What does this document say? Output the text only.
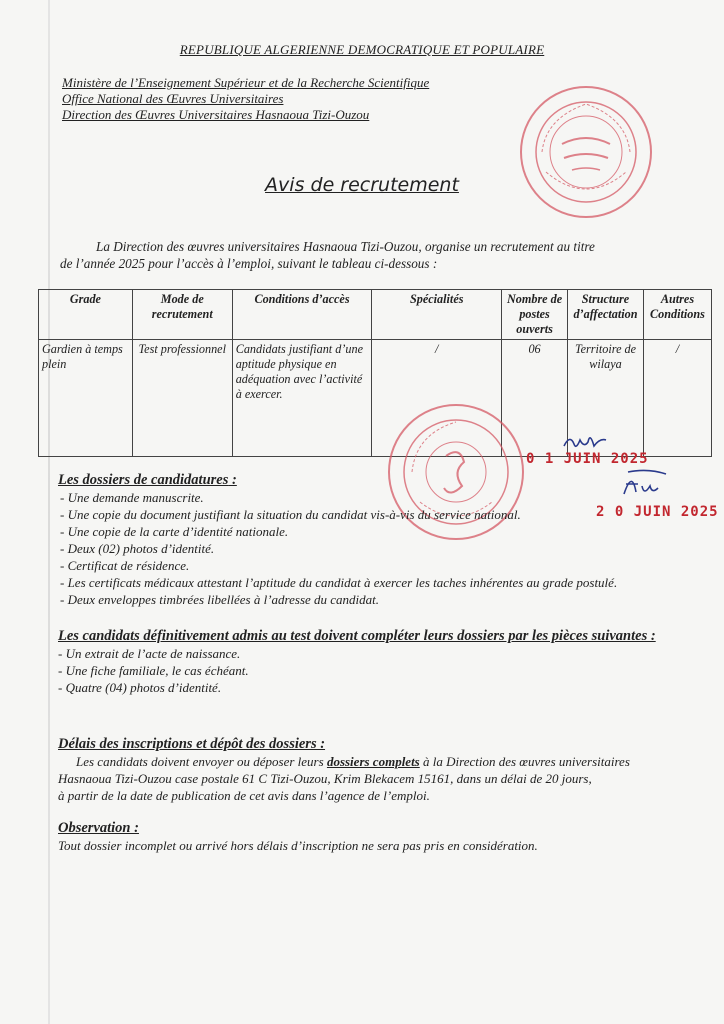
REPUBLIQUE ALGERIENNE DEMOCRATIQUE ET POPULAIRE
Ministère de l’Enseignement Supérieur et de la Recherche Scientifique
Office National des Œuvres Universitaires
Direction des Œuvres Universitaires Hasnaoua Tizi-Ouzou
Avis de recrutement
La Direction des œuvres universitaires Hasnaoua Tizi-Ouzou, organise un recrutement au titre
de l’année 2025 pour l’accès à l’emploi, suivant le tableau ci-dessous :
Grade	Mode de recrutement	Conditions d’accès	Spécialités	Nombre de postes ouverts	Structure d’affectation	Autres Conditions
Gardien à temps plein	Test professionnel	Candidats justifiant d’une aptitude physique en adéquation avec l’activité à exercer.	/	06	Territoire de wilaya	/
0 1 JUIN 2025
2 0 JUIN 2025
Les dossiers de candidatures :
- Une demande manuscrite.
- Une copie du document justifiant la situation du candidat vis-à-vis du service national.
- Une copie de la carte d’identité nationale.
- Deux (02) photos d’identité.
- Certificat de résidence.
- Les certificats médicaux attestant l’aptitude du candidat à exercer les taches inhérentes au grade postulé.
- Deux enveloppes timbrées libellées à l’adresse du candidat.
Les candidats définitivement admis au test doivent compléter leurs dossiers par les pièces suivantes :
- Un extrait de l’acte de naissance.
- Une fiche familiale, le cas échéant.
- Quatre (04) photos d’identité.
Délais des inscriptions et dépôt des dossiers :

Les candidats doivent envoyer ou déposer leurs dossiers complets à la Direction des œuvres universitaires

Hasnaoua Tizi-Ouzou case postale 61 C Tizi-Ouzou, Krim Blekacem 15161, dans un délai de 20 jours,

à partir de la date de publication de cet avis dans l’agence de l’emploi.

Observation :

Tout dossier incomplet ou arrivé hors délais d’inscription ne sera pas pris en considération.
